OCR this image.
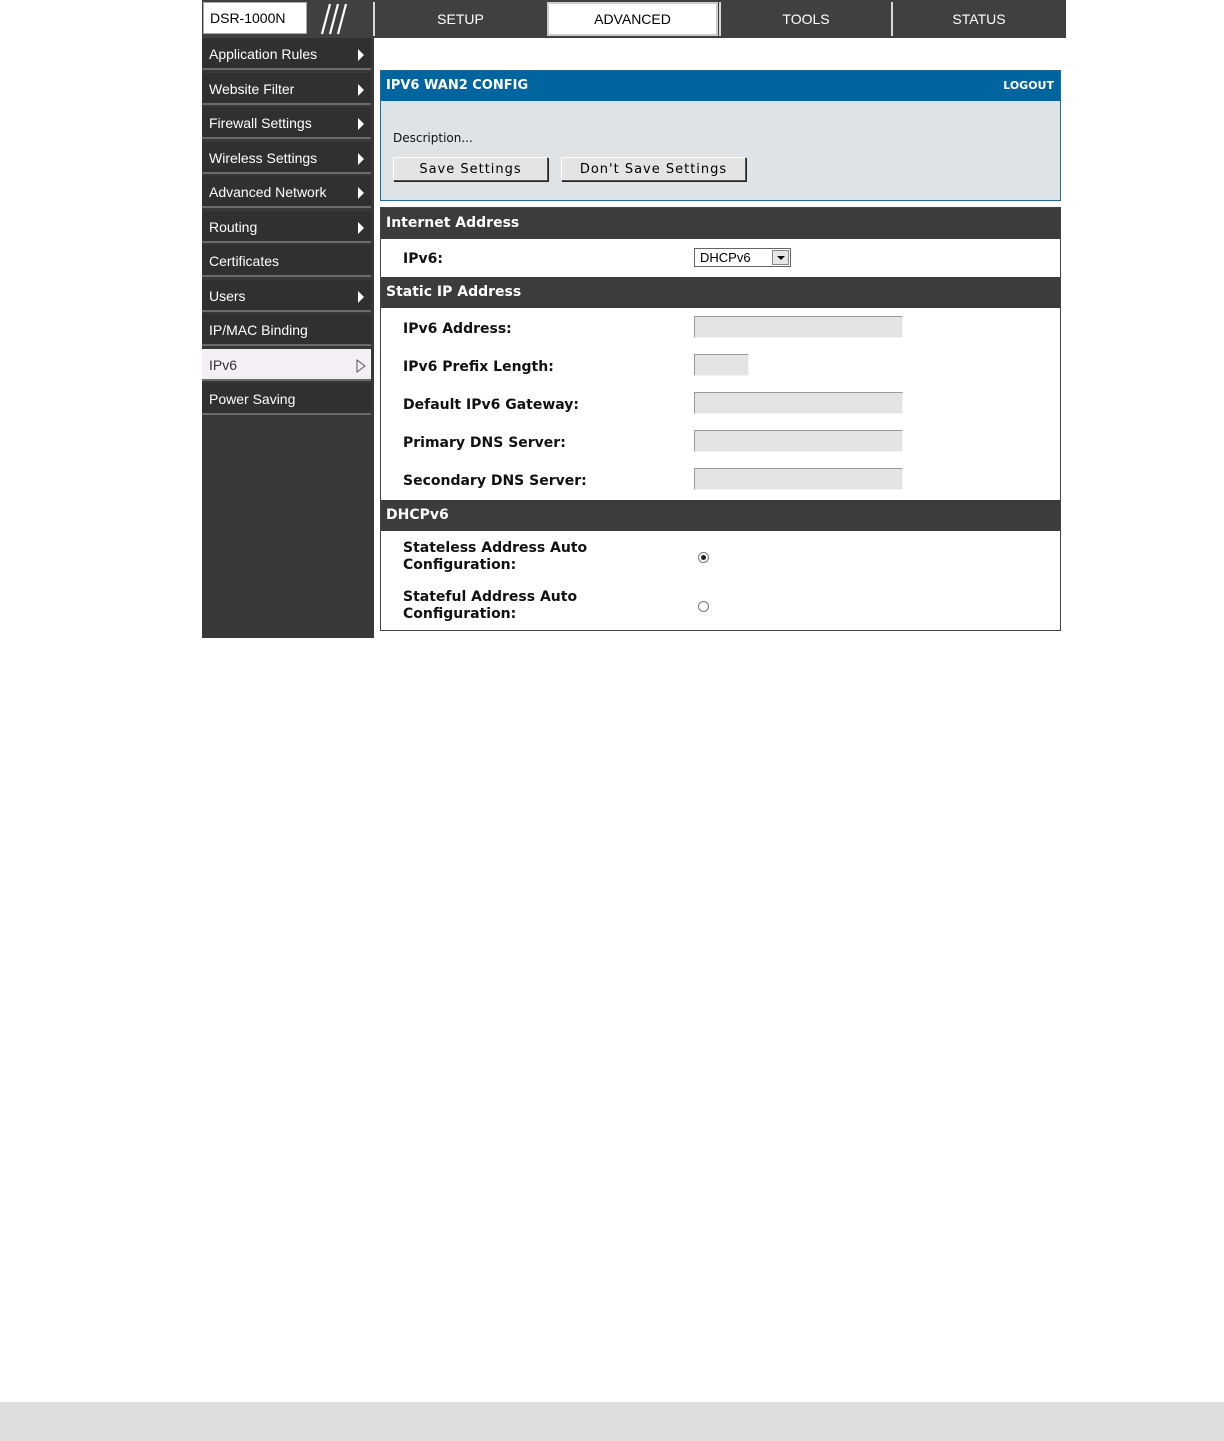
DSR-1000N	SETUP	ADVANCED	TOOLS	STATUS
Application Rules
Website Filter
Firewall Settings
Wireless Settings
Advanced Network
Routing
Certificates
Users
IP/MAC Binding
IPv6
Power Saving
IPV6 WAN2 CONFIG	LOGOUT
Description...
Save Settings	Don't Save Settings
Internet Address
IPv6:	DHCPv6
Static IP Address
IPv6 Address:
IPv6 Prefix Length:
Default IPv6 Gateway:
Primary DNS Server:
Secondary DNS Server:
DHCPv6
Stateless Address Auto
Configuration:
Stateful Address Auto
Configuration:
